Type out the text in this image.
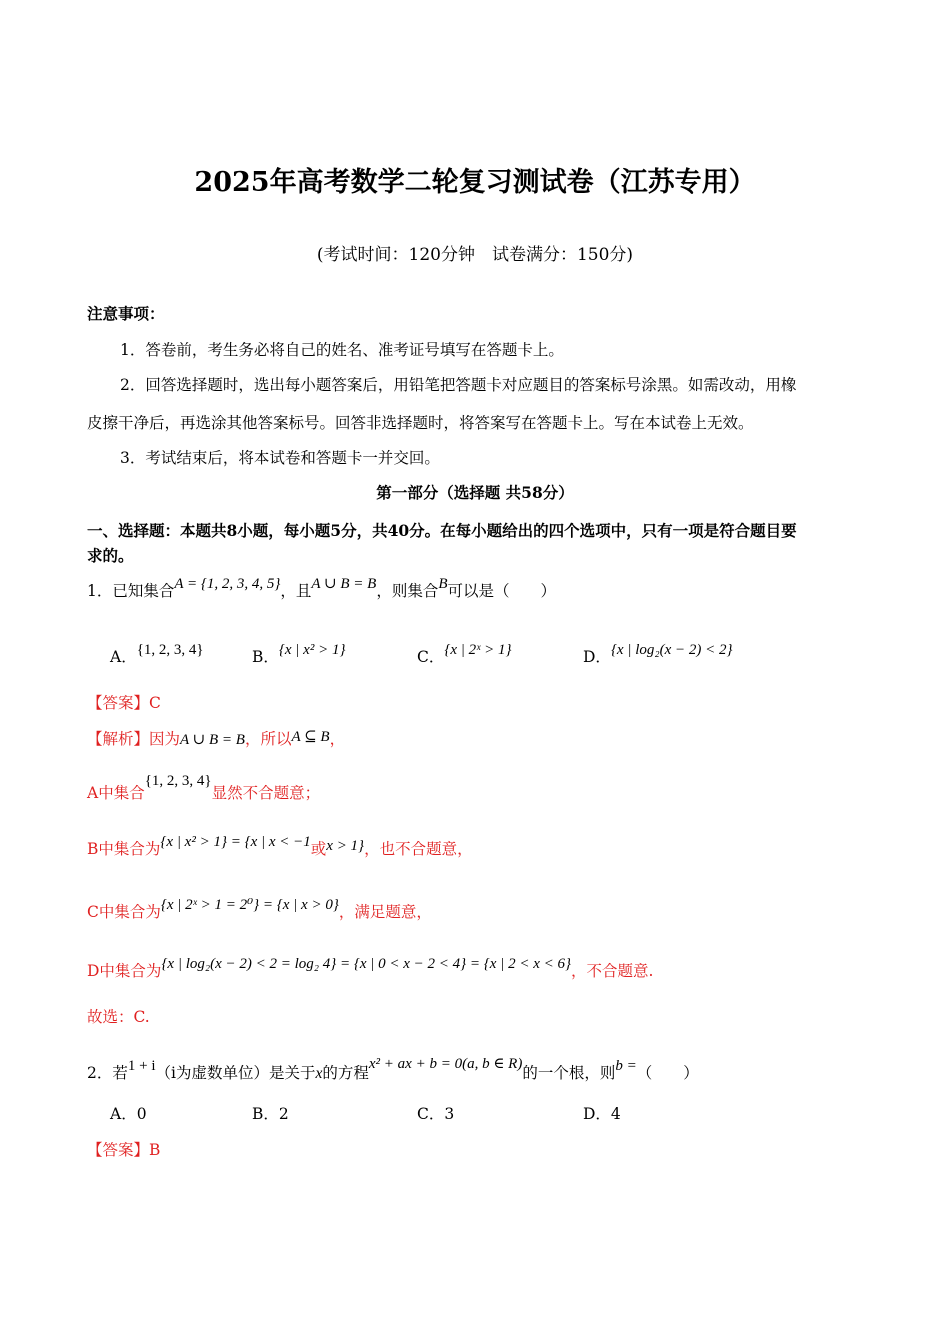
2025年高考数学二轮复习测试卷（江苏专用）
(考试时间：120分钟　试卷满分：150分)
注意事项：
1．答卷前，考生务必将自己的姓名、准考证号填写在答题卡上。
2．回答选择题时，选出每小题答案后，用铅笔把答题卡对应题目的答案标号涂黑。如需改动，用橡
皮擦干净后，再选涂其他答案标号。回答非选择题时，将答案写在答题卡上。写在本试卷上无效。
3．考试结束后，将本试卷和答题卡一并交回。
第一部分（选择题 共58分）
一、选择题：本题共8小题，每小题5分，共40分。在每小题给出的四个选项中，只有一项是符合题目要
求的。
1．已知集合A = {1, 2, 3, 4, 5}，且A ∪ B = B，则集合B可以是（　　）
A．{1, 2, 3, 4}	B．{x | x² > 1}	C．{x | 2ˣ > 1}	D．{x | log₂(x − 2) < 2}
【答案】C
【解析】因为A ∪ B = B，所以A ⊆ B，
A中集合{1, 2, 3, 4}显然不合题意；
B中集合为{x | x² > 1} = {x | x < −1或x > 1}，也不合题意，
C中集合为{x | 2ˣ > 1 = 2⁰} = {x | x > 0}，满足题意，
D中集合为{x | log₂(x − 2) < 2 = log₂ 4} = {x | 0 < x − 2 < 4} = {x | 2 < x < 6}，不合题意.
故选：C.
2．若1 + i（i为虚数单位）是关于x的方程x² + ax + b = 0(a, b ∈ R)的一个根，则b =（　　）
A．0	B．2	C．3	D．4
【答案】B
